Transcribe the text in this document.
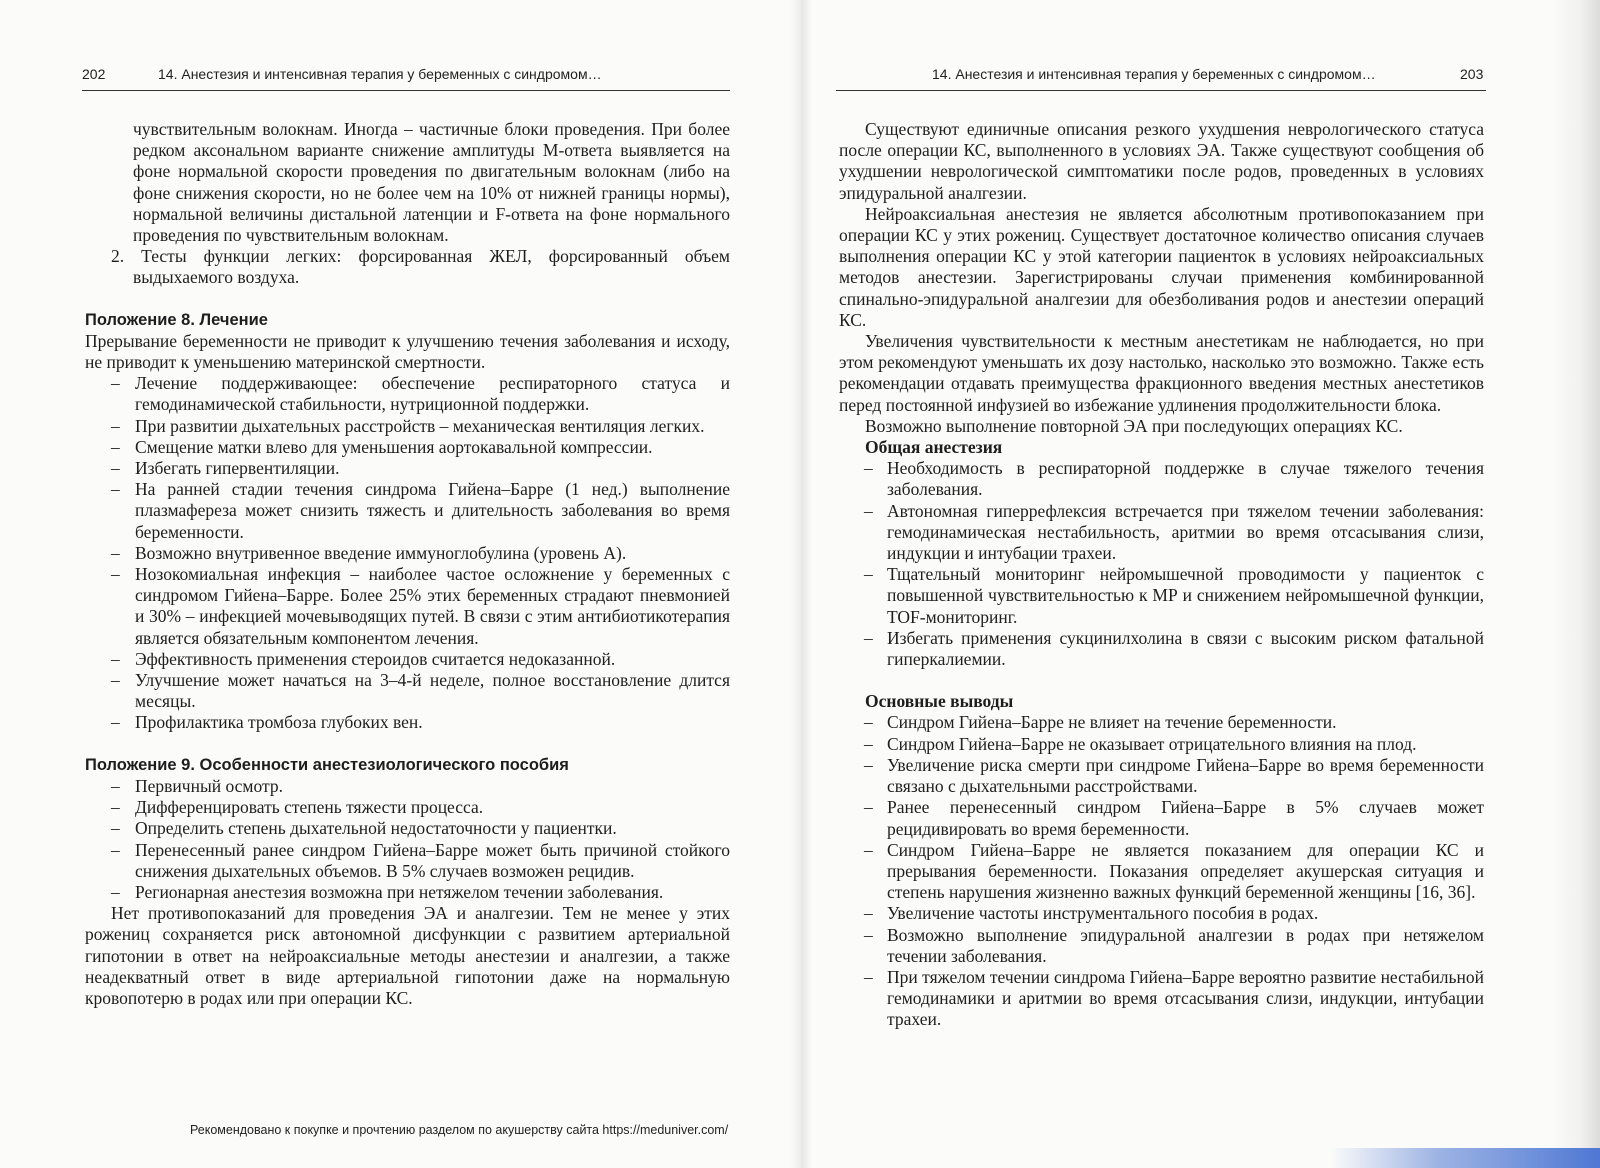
202	14. Анестезия и интенсивная терапия у беременных с синдромом…	14. Анестезия и интенсивная терапия у беременных с синдромом…	203

чувствительным волокнам. Иногда – частичные блоки проведения. При более редком аксональном варианте снижение амплитуды М-ответа выявляется на фоне нормальной скорости проведения по двигательным волокнам (либо на фоне снижения скорости, но не более чем на 10% от нижней границы нормы), нормальной величины дистальной латенции и F-ответа на фоне нормального проведения по чувствительным волокнам.

2. Тесты функции легких: форсированная ЖЕЛ, форсированный объем выдыхаемого воздуха.

Положение 8. Лечение

Прерывание беременности не приводит к улучшению течения заболевания и исходу, не приводит к уменьшению материнской смертности.

– Лечение поддерживающее: обеспечение респираторного статуса и гемодинамической стабильности, нутриционной поддержки.

– При развитии дыхательных расстройств – механическая вентиляция легких.

– Смещение матки влево для уменьшения аортокавальной компрессии.

– Избегать гипервентиляции.

– На ранней стадии течения синдрома Гийена–Барре (1 нед.) выполнение плазмафереза может снизить тяжесть и длительность заболевания во время беременности.

– Возможно внутривенное введение иммуноглобулина (уровень А).

– Нозокомиальная инфекция – наиболее частое осложнение у беременных с синдромом Гийена–Барре. Более 25% этих беременных страдают пневмонией и 30% – инфекцией мочевыводящих путей. В связи с этим антибиотикотерапия является обязательным компонентом лечения.

– Эффективность применения стероидов считается недоказанной.

– Улучшение может начаться на 3–4-й неделе, полное восстановление длится месяцы.

– Профилактика тромбоза глубоких вен.

Положение 9. Особенности анестезиологического пособия

– Первичный осмотр.

– Дифференцировать степень тяжести процесса.

– Определить степень дыхательной недостаточности у пациентки.

– Перенесенный ранее синдром Гийена–Барре может быть причиной стойкого снижения дыхательных объемов. В 5% случаев возможен рецидив.

– Регионарная анестезия возможна при нетяжелом течении заболевания.

Нет противопоказаний для проведения ЭА и аналгезии. Тем не менее у этих рожениц сохраняется риск автономной дисфункции с развитием артериальной гипотонии в ответ на нейроаксиальные методы анестезии и аналгезии, а также неадекватный ответ в виде артериальной гипотонии даже на нормальную кровопотерю в родах или при операции КС.

Существуют единичные описания резкого ухудшения неврологического статуса после операции КС, выполненного в условиях ЭА. Также существуют сообщения об ухудшении неврологической симптоматики после родов, проведенных в условиях эпидуральной аналгезии.

Нейроаксиальная анестезия не является абсолютным противопоказанием при операции КС у этих рожениц. Существует достаточное количество описания случаев выполнения операции КС у этой категории пациенток в условиях нейроаксиальных методов анестезии. Зарегистрированы случаи применения комбинированной спинально-эпидуральной аналгезии для обезболивания родов и анестезии операций КС.

Увеличения чувствительности к местным анестетикам не наблюдается, но при этом рекомендуют уменьшать их дозу настолько, насколько это возможно. Также есть рекомендации отдавать преимущества фракционного введения местных анестетиков перед постоянной инфузией во избежание удлинения продолжительности блока.

Возможно выполнение повторной ЭА при последующих операциях КС.

Общая анестезия

– Необходимость в респираторной поддержке в случае тяжелого течения заболевания.

– Автономная гиперрефлексия встречается при тяжелом течении заболевания: гемодинамическая нестабильность, аритмии во время отсасывания слизи, индукции и интубации трахеи.

– Тщательный мониторинг нейромышечной проводимости у пациенток с повышенной чувствительностью к МР и снижением нейромышечной функции, TOF-мониторинг.

– Избегать применения сукцинилхолина в связи с высоким риском фатальной гиперкалиемии.

Основные выводы

– Синдром Гийена–Барре не влияет на течение беременности.

– Синдром Гийена–Барре не оказывает отрицательного влияния на плод.

– Увеличение риска смерти при синдроме Гийена–Барре во время беременности связано с дыхательными расстройствами.

– Ранее перенесенный синдром Гийена–Барре в 5% случаев может рецидивировать во время беременности.

– Синдром Гийена–Барре не является показанием для операции КС и прерывания беременности. Показания определяет акушерская ситуация и степень нарушения жизненно важных функций беременной женщины [16, 36].

– Увеличение частоты инструментального пособия в родах.

– Возможно выполнение эпидуральной аналгезии в родах при нетяжелом течении заболевания.

– При тяжелом течении синдрома Гийена–Барре вероятно развитие нестабильной гемодинамики и аритмии во время отсасывания слизи, индукции, интубации трахеи.

Рекомендовано к покупке и прочтению разделом по акушерству сайта https://meduniver.com/
